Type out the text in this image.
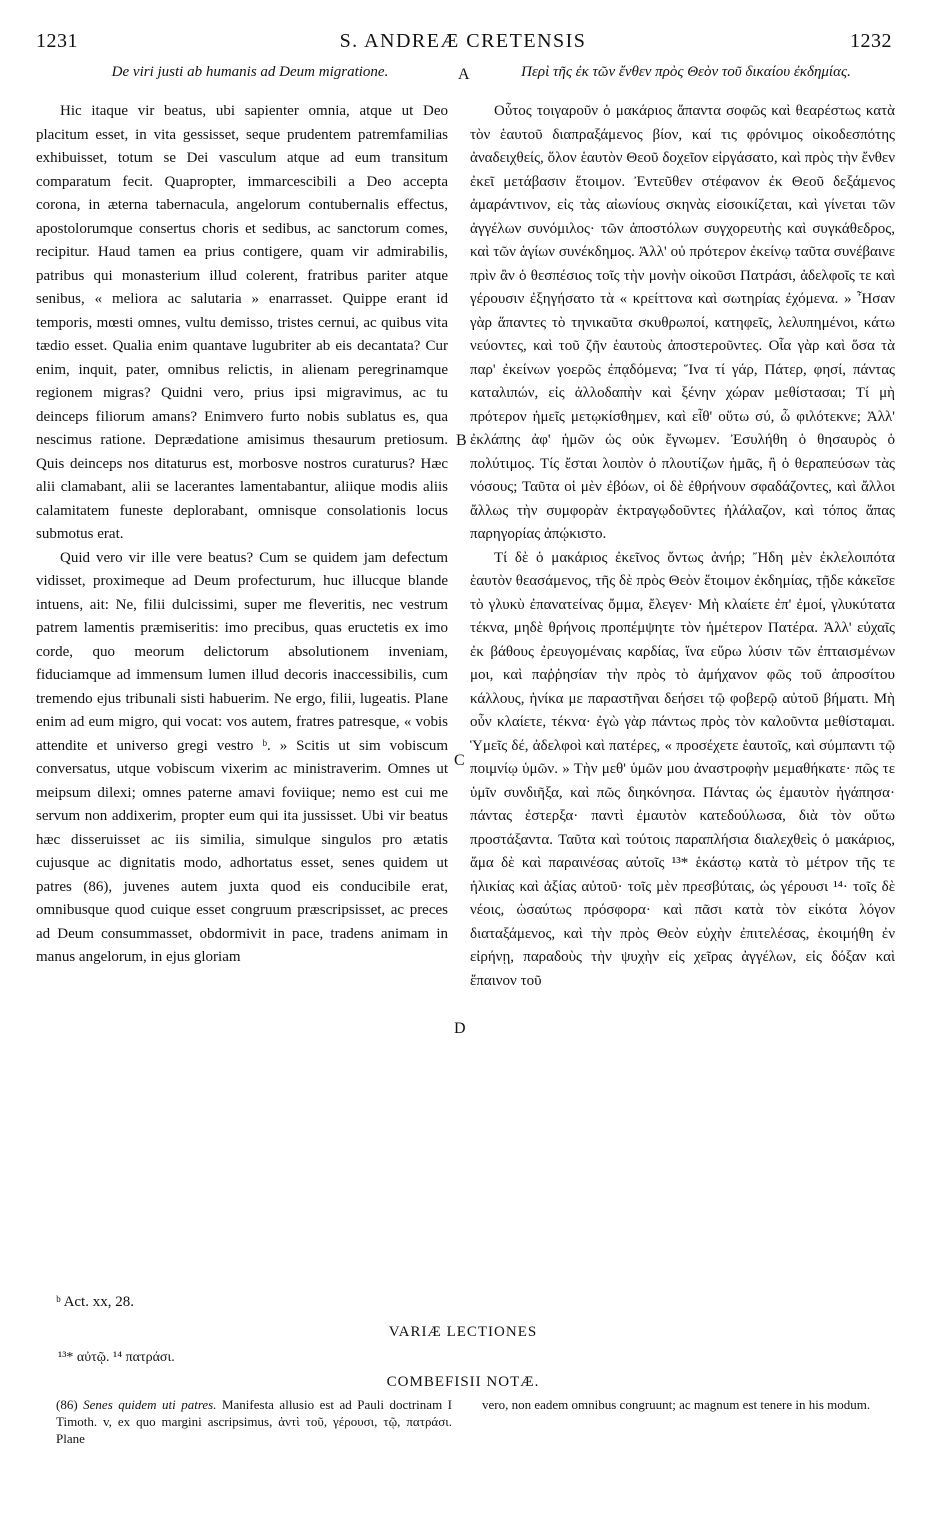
1231	S. ANDREÆ CRETENSIS	1232
De viri justi ab humanis ad Deum migratione.	Περὶ τῆς ἐκ τῶν ἔνθεν πρὸς Θεὸν τοῦ δικαίου ἐκδημίας.
A
B
C
D

Hic itaque vir beatus, ubi sapienter omnia, atque ut Deo placitum esset, in vita gessisset, seque prudentem patremfamilias exhibuisset, totum se Dei vasculum atque ad eum transitum comparatum fecit. Quapropter, immarcescibili a Deo accepta corona, in æterna tabernacula, angelorum contubernalis effectus, apostolorumque consertus choris et sedibus, ac sanctorum comes, recipitur. Haud tamen ea prius contigere, quam vir admirabilis, patribus qui monasterium illud colerent, fratribus pariter atque senibus, « meliora ac salutaria » enarrasset. Quippe erant id temporis, mœsti omnes, vultu demisso, tristes cernui, ac quibus vita tædio esset. Qualia enim quantave lugubriter ab eis decantata? Cur enim, inquit, pater, omnibus relictis, in alienam peregrinamque regionem migras? Quidni vero, prius ipsi migravimus, ac tu deinceps filiorum amans? Enimvero furto nobis sublatus es, qua nescimus ratione. Deprædatione amisimus thesaurum pretiosum. Quis deinceps nos ditaturus est, morbosve nostros curaturus? Hæc alii clamabant, alii se lacerantes lamentabantur, aliique modis aliis calamitatem funeste deplorabant, omnisque consolationis locus submotus erat.

Quid vero vir ille vere beatus? Cum se quidem jam defectum vidisset, proximeque ad Deum profecturum, huc illucque blande intuens, ait: Ne, filii dulcissimi, super me fleveritis, nec vestrum patrem lamentis præmiseritis: imo precibus, quas eructetis ex imo corde, quo meorum delictorum absolutionem inveniam, fiduciamque ad immensum lumen illud decoris inaccessibilis, cum tremendo ejus tribunali sisti habuerim. Ne ergo, filii, lugeatis. Plane enim ad eum migro, qui vocat: vos autem, fratres patresque, « vobis attendite et universo gregi vestro ᵇ. » Scitis ut sim vobiscum conversatus, utque vobiscum vixerim ac ministraverim. Omnes ut meipsum dilexi; omnes paterne amavi foviique; nemo est cui me servum non addixerim, propter eum qui ita jussisset. Ubi vir beatus hæc disseruisset ac iis similia, simulque singulos pro ætatis cujusque ac dignitatis modo, adhortatus esset, senes quidem ut patres (86), juvenes autem juxta quod eis conducibile erat, omnibusque quod cuique esset congruum præscripsisset, ac preces ad Deum consummasset, obdormivit in pace, tradens animam in manus angelorum, in ejus gloriam

Οὗτος τοιγαροῦν ὁ μακάριος ἅπαντα σοφῶς καὶ θεαρέστως κατὰ τὸν ἑαυτοῦ διαπραξάμενος βίον, καί τις φρόνιμος οἰκοδεσπότης ἀναδειχθείς, ὅλον ἑαυτὸν Θεοῦ δοχεῖον εἰργάσατο, καὶ πρὸς τὴν ἔνθεν ἐκεῖ μετάβασιν ἕτοιμον. Ἐντεῦθεν στέφανον ἐκ Θεοῦ δεξάμενος ἀμαράντινον, εἰς τὰς αἰωνίους σκηνὰς εἰσοικίζεται, καὶ γίνεται τῶν ἀγγέλων συνόμιλος· τῶν ἀποστόλων συγχορευτὴς καὶ συγκάθεδρος, καὶ τῶν ἁγίων συνέκδημος. Ἀλλ' οὐ πρότερον ἐκείνῳ ταῦτα συνέβαινε πρὶν ἂν ὁ θεσπέσιος τοῖς τὴν μονὴν οἰκοῦσι Πατράσι, ἀδελφοῖς τε καὶ γέρουσιν ἐξηγήσατο τὰ « κρείττονα καὶ σωτηρίας ἐχόμενα. » Ἦσαν γὰρ ἅπαντες τὸ τηνικαῦτα σκυθρωποί, κατηφεῖς, λελυπημένοι, κάτω νεύοντες, καὶ τοῦ ζῆν ἑαυτοὺς ἀποστεροῦντες. Οἷα γὰρ καὶ ὅσα τὰ παρ' ἐκείνων γοερῶς ἐπᾳδόμενα; Ἵνα τί γάρ, Πάτερ, φησί, πάντας καταλιπών, εἰς ἀλλοδαπὴν καὶ ξένην χώραν μεθίστασαι; Τί μὴ πρότερον ἡμεῖς μετῳκίσθημεν, καὶ εἶθ' οὕτω σύ, ὦ φιλότεκνε; Ἀλλ' ἐκλάπης ἀφ' ἡμῶν ὡς οὐκ ἔγνωμεν. Ἐσυλήθη ὁ θησαυρὸς ὁ πολύτιμος. Τίς ἔσται λοιπὸν ὁ πλουτίζων ἡμᾶς, ἢ ὁ θεραπεύσων τὰς νόσους; Ταῦτα οἱ μὲν ἐβόων, οἱ δὲ ἐθρήνουν σφαδάζοντες, καὶ ἄλλοι ἄλλως τὴν συμφορὰν ἐκτραγῳδοῦντες ἠλάλαζον, καὶ τόπος ἅπας παρηγορίας ἀπῴκιστο.

Τί δὲ ὁ μακάριος ἐκεῖνος ὄντως ἀνήρ; Ἤδη μὲν ἐκλελοιπότα ἑαυτὸν θεασάμενος, τῆς δὲ πρὸς Θεὸν ἕτοιμον ἐκδημίας, τῇδε κἀκεῖσε τὸ γλυκὺ ἐπανατείνας ὄμμα, ἔλεγεν· Μὴ κλαίετε ἐπ' ἐμοί, γλυκύτατα τέκνα, μηδὲ θρήνοις προπέμψητε τὸν ἡμέτερον Πατέρα. Ἀλλ' εὐχαῖς ἐκ βάθους ἐρευγομέναις καρδίας, ἵνα εὕρω λύσιν τῶν ἐπταισμένων μοι, καὶ παῤῥησίαν τὴν πρὸς τὸ ἀμήχανον φῶς τοῦ ἀπροσίτου κάλλους, ἡνίκα με παραστῆναι δεήσει τῷ φοβερῷ αὐτοῦ βήματι. Μὴ οὖν κλαίετε, τέκνα· ἐγὼ γὰρ πάντως πρὸς τὸν καλοῦντα μεθίσταμαι. Ὑμεῖς δέ, ἀδελφοὶ καὶ πατέρες, « προσέχετε ἑαυτοῖς, καὶ σύμπαντι τῷ ποιμνίῳ ὑμῶν. » Τὴν μεθ' ὑμῶν μου ἀναστροφὴν μεμαθήκατε· πῶς τε ὑμῖν συνδιῆξα, καὶ πῶς διηκόνησα. Πάντας ὡς ἐμαυτὸν ἠγάπησα· πάντας ἐστερξα· παντὶ ἐμαυτὸν κατεδούλωσα, διὰ τὸν οὕτω προστάξαντα. Ταῦτα καὶ τούτοις παραπλήσια διαλεχθεὶς ὁ μακάριος, ἅμα δὲ καὶ παραινέσας αὐτοῖς ¹³* ἑκάστῳ κατὰ τὸ μέτρον τῆς τε ἡλικίας καὶ ἀξίας αὐτοῦ· τοῖς μὲν πρεσβύταις, ὡς γέρουσι ¹⁴· τοῖς δὲ νέοις, ὡσαύτως πρόσφορα· καὶ πᾶσι κατὰ τὸν εἰκότα λόγον διαταξάμενος, καὶ τὴν πρὸς Θεὸν εὐχὴν ἐπιτελέσας, ἐκοιμήθη ἐν εἰρήνῃ, παραδοὺς τὴν ψυχὴν εἰς χεῖρας ἀγγέλων, εἰς δόξαν καὶ ἔπαινον τοῦ

ᵇ Act. xx, 28.
VARIÆ LECTIONES
¹³* αὐτῷ. ¹⁴ πατράσι.
COMBEFISII NOTÆ.
(86) Senes quidem uti patres. Manifesta allusio est ad Pauli doctrinam I Timoth. v, ex quo margini ascripsimus, ἀντὶ τοῦ, γέρουσι, τῷ, πατράσι. Plane
vero, non eadem omnibus congruunt; ac magnum est tenere in his modum.
